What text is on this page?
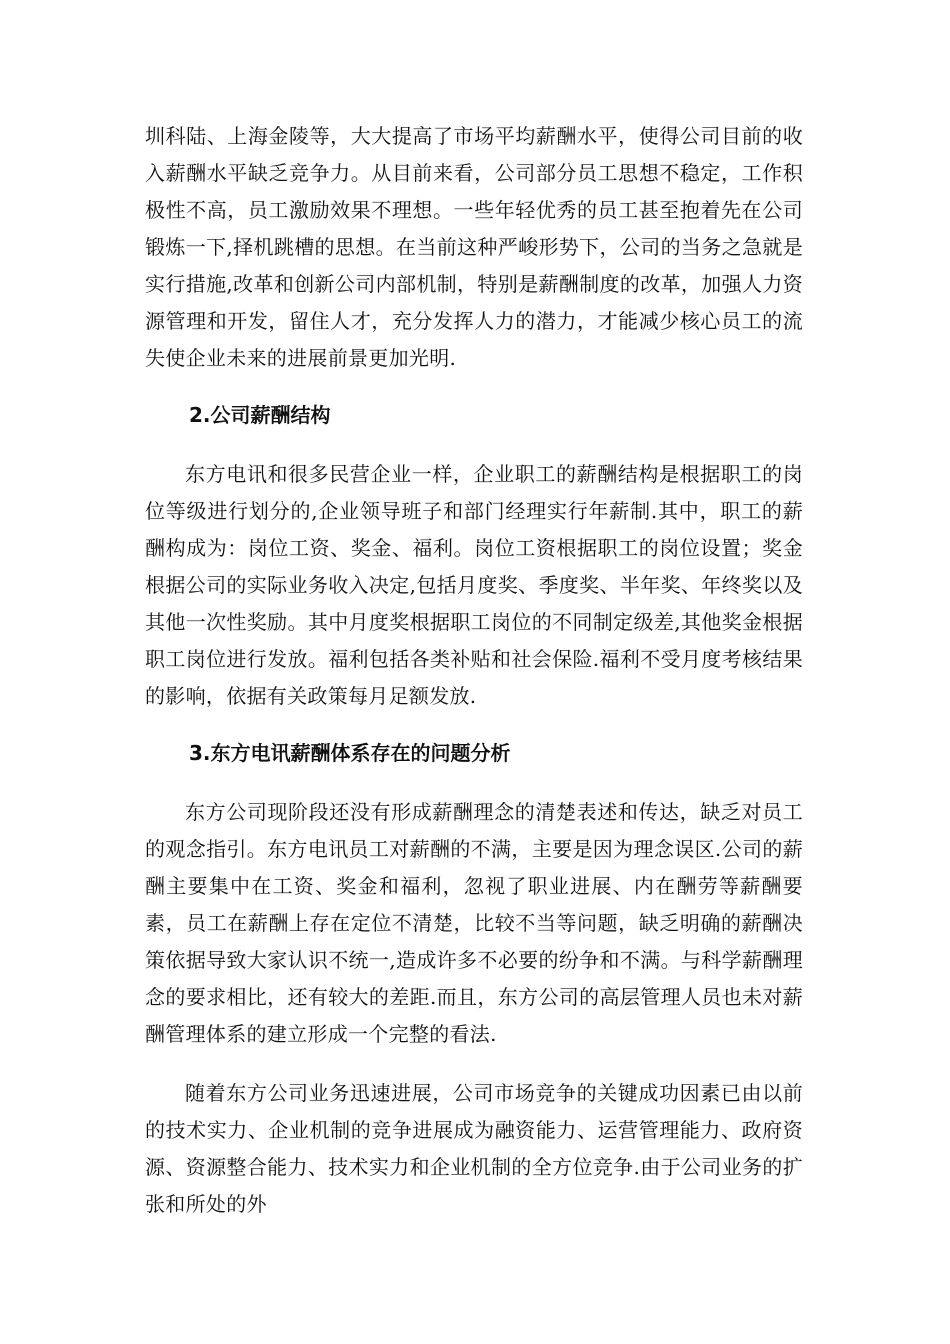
圳科陆、上海金陵等，大大提高了市场平均薪酬水平，使得公司目前的收入薪酬水平缺乏竞争力。从目前来看，公司部分员工思想不稳定，工作积极性不高，员工激励效果不理想。一些年轻优秀的员工甚至抱着先在公司锻炼一下,择机跳槽的思想。在当前这种严峻形势下，公司的当务之急就是实行措施,改革和创新公司内部机制，特别是薪酬制度的改革，加强人力资源管理和开发，留住人才，充分发挥人力的潜力，才能减少核心员工的流失使企业未来的进展前景更加光明.

2.公司薪酬结构

东方电讯和很多民营企业一样，企业职工的薪酬结构是根据职工的岗位等级进行划分的,企业领导班子和部门经理实行年薪制.其中，职工的薪酬构成为：岗位工资、奖金、福利。岗位工资根据职工的岗位设置；奖金根据公司的实际业务收入决定,包括月度奖、季度奖、半年奖、年终奖以及其他一次性奖励。其中月度奖根据职工岗位的不同制定级差,其他奖金根据职工岗位进行发放。福利包括各类补贴和社会保险.福利不受月度考核结果的影响，依据有关政策每月足额发放.

3.东方电讯薪酬体系存在的问题分析

东方公司现阶段还没有形成薪酬理念的清楚表述和传达，缺乏对员工的观念指引。东方电讯员工对薪酬的不满，主要是因为理念误区.公司的薪酬主要集中在工资、奖金和福利，忽视了职业进展、内在酬劳等薪酬要素，员工在薪酬上存在定位不清楚，比较不当等问题，缺乏明确的薪酬决策依据导致大家认识不统一,造成许多不必要的纷争和不满。与科学薪酬理念的要求相比，还有较大的差距.而且，东方公司的高层管理人员也未对薪酬管理体系的建立形成一个完整的看法.

随着东方公司业务迅速进展，公司市场竞争的关键成功因素已由以前的技术实力、企业机制的竞争进展成为融资能力、运营管理能力、政府资源、资源整合能力、技术实力和企业机制的全方位竞争.由于公司业务的扩张和所处的外
